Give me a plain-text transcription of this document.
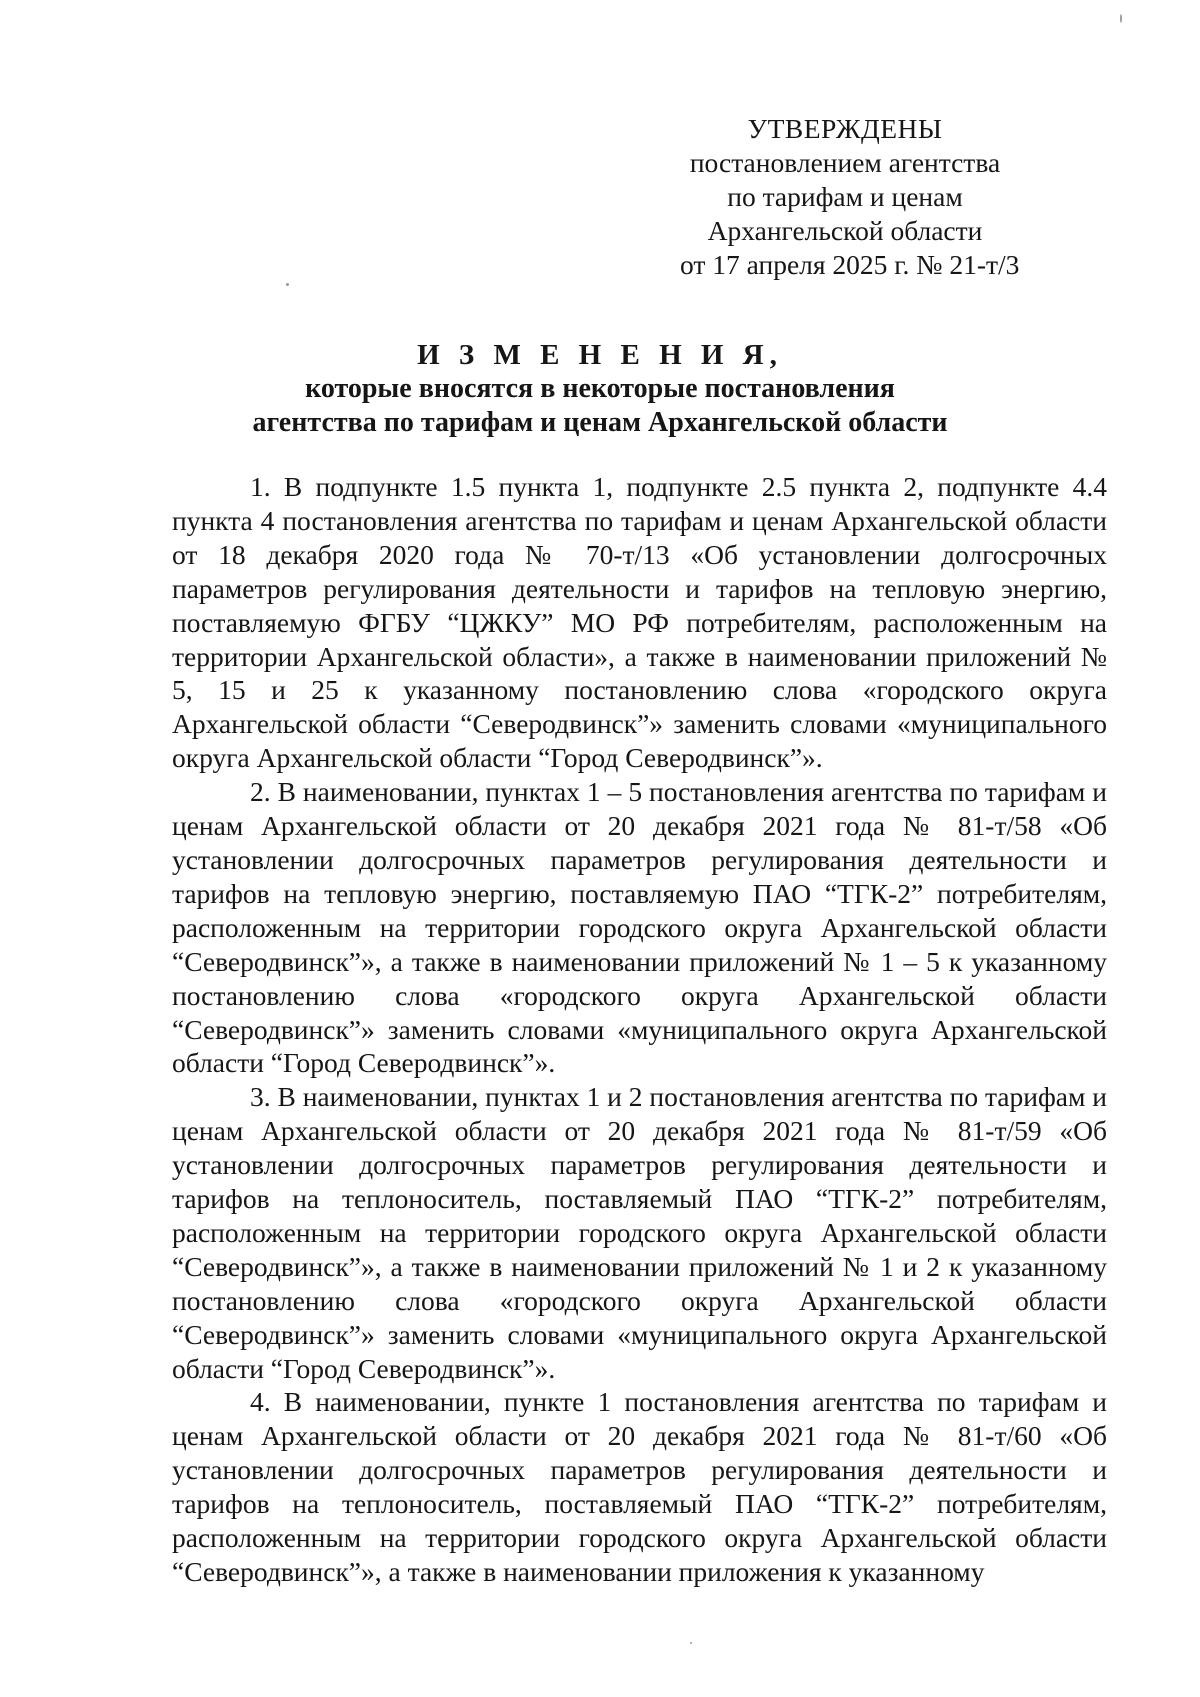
УТВЕРЖДЕНЫ
постановлением агентства
по тарифам и ценам
Архангельской области
от 17 апреля 2025 г. № 21-т/3
И З М Е Н Е Н И Я,
которые вносятся в некоторые постановления
агентства по тарифам и ценам Архангельской области

1. В подпункте 1.5 пункта 1, подпункте 2.5 пункта 2, подпункте 4.4 пункта 4 постановления агентства по тарифам и ценам Архангельской области от 18 декабря 2020 года № 70-т/13 «Об установлении долгосрочных параметров регулирования деятельности и тарифов на тепловую энергию, поставляемую ФГБУ “ЦЖКУ” МО РФ потребителям, расположенным на территории Архангельской области», а также в наименовании приложений № 5, 15 и 25 к указанному постановлению слова «городского округа Архангельской области “Северодвинск”» заменить словами «муниципального округа Архангельской области “Город Северодвинск”».

2. В наименовании, пунктах 1 – 5 постановления агентства по тарифам и ценам Архангельской области от 20 декабря 2021 года № 81-т/58 «Об установлении долгосрочных параметров регулирования деятельности и тарифов на тепловую энергию, поставляемую ПАО “ТГК-2” потребителям, расположенным на территории городского округа Архангельской области “Северодвинск”», а также в наименовании приложений № 1 – 5 к указанному постановлению слова «городского округа Архангельской области “Северодвинск”» заменить словами «муниципального округа Архангельской области “Город Северодвинск”».

3. В наименовании, пунктах 1 и 2 постановления агентства по тарифам и ценам Архангельской области от 20 декабря 2021 года № 81-т/59 «Об установлении долгосрочных параметров регулирования деятельности и тарифов на теплоноситель, поставляемый ПАО “ТГК-2” потребителям, расположенным на территории городского округа Архангельской области “Северодвинск”», а также в наименовании приложений № 1 и 2 к указанному постановлению слова «городского округа Архангельской области “Северодвинск”» заменить словами «муниципального округа Архангельской области “Город Северодвинск”».

4. В наименовании, пункте 1 постановления агентства по тарифам и ценам Архангельской области от 20 декабря 2021 года № 81-т/60 «Об установлении долгосрочных параметров регулирования деятельности и тарифов на теплоноситель, поставляемый ПАО “ТГК-2” потребителям, расположенным на территории городского округа Архангельской области “Северодвинск”», а также в наименовании приложения к указанному
